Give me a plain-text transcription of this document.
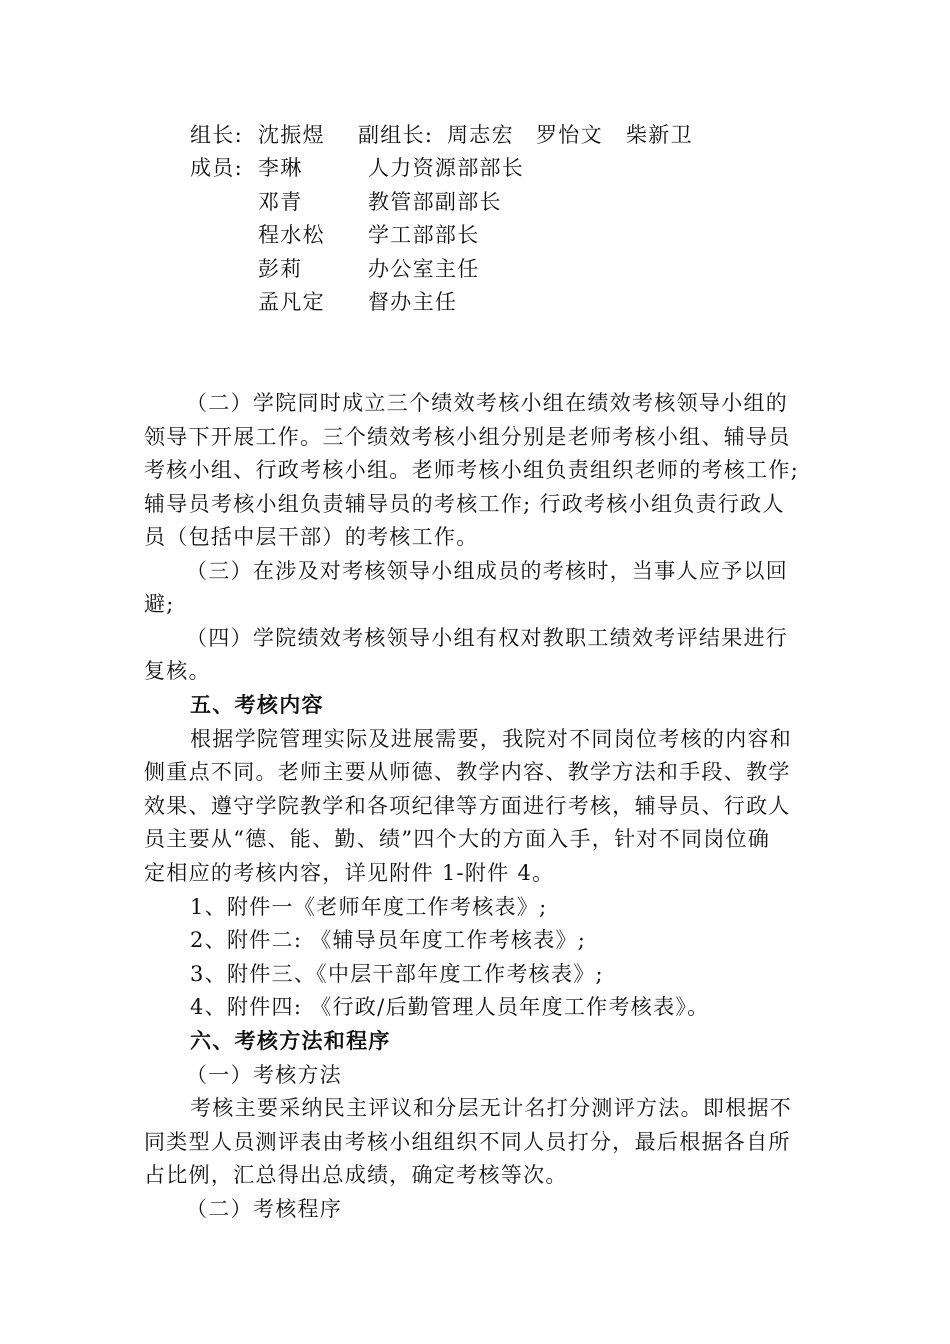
组长: 沈振煜 副组长: 周志宏 罗怡文 柴新卫
成员: 李琳	人力资源部部长
邓青	教管部副部长
程水松 学工部部长
彭莉	办公室主任
孟凡定 督办主任
（二）学院同时成立三个绩效考核小组在绩效考核领导小组的
领导下开展工作。三个绩效考核小组分别是老师考核小组、辅导员
考核小组、行政考核小组。老师考核小组负责组织老师的考核工作;
辅导员考核小组负责辅导员的考核工作; 行政考核小组负责行政人
员（包括中层干部）的考核工作。
（三）在涉及对考核领导小组成员的考核时，当事人应予以回
避;
（四）学院绩效考核领导小组有权对教职工绩效考评结果进行
复核。
五、考核内容
根据学院管理实际及进展需要，我院对不同岗位考核的内容和
侧重点不同。老师主要从师德、教学内容、教学方法和手段、教学
效果、遵守学院教学和各项纪律等方面进行考核，辅导员、行政人
员主要从“德、能、勤、绩”四个大的方面入手，针对不同岗位确
定相应的考核内容，详见附件 1-附件 4。
1、附件一《老师年度工作考核表》;
2、附件二: 《辅导员年度工作考核表》;
3、附件三、《中层干部年度工作考核表》;
4、附件四: 《行政/后勤管理人员年度工作考核表》。
六、考核方法和程序
（一）考核方法
考核主要采纳民主评议和分层无计名打分测评方法。即根据不
同类型人员测评表由考核小组组织不同人员打分，最后根据各自所
占比例，汇总得出总成绩，确定考核等次。
（二）考核程序
